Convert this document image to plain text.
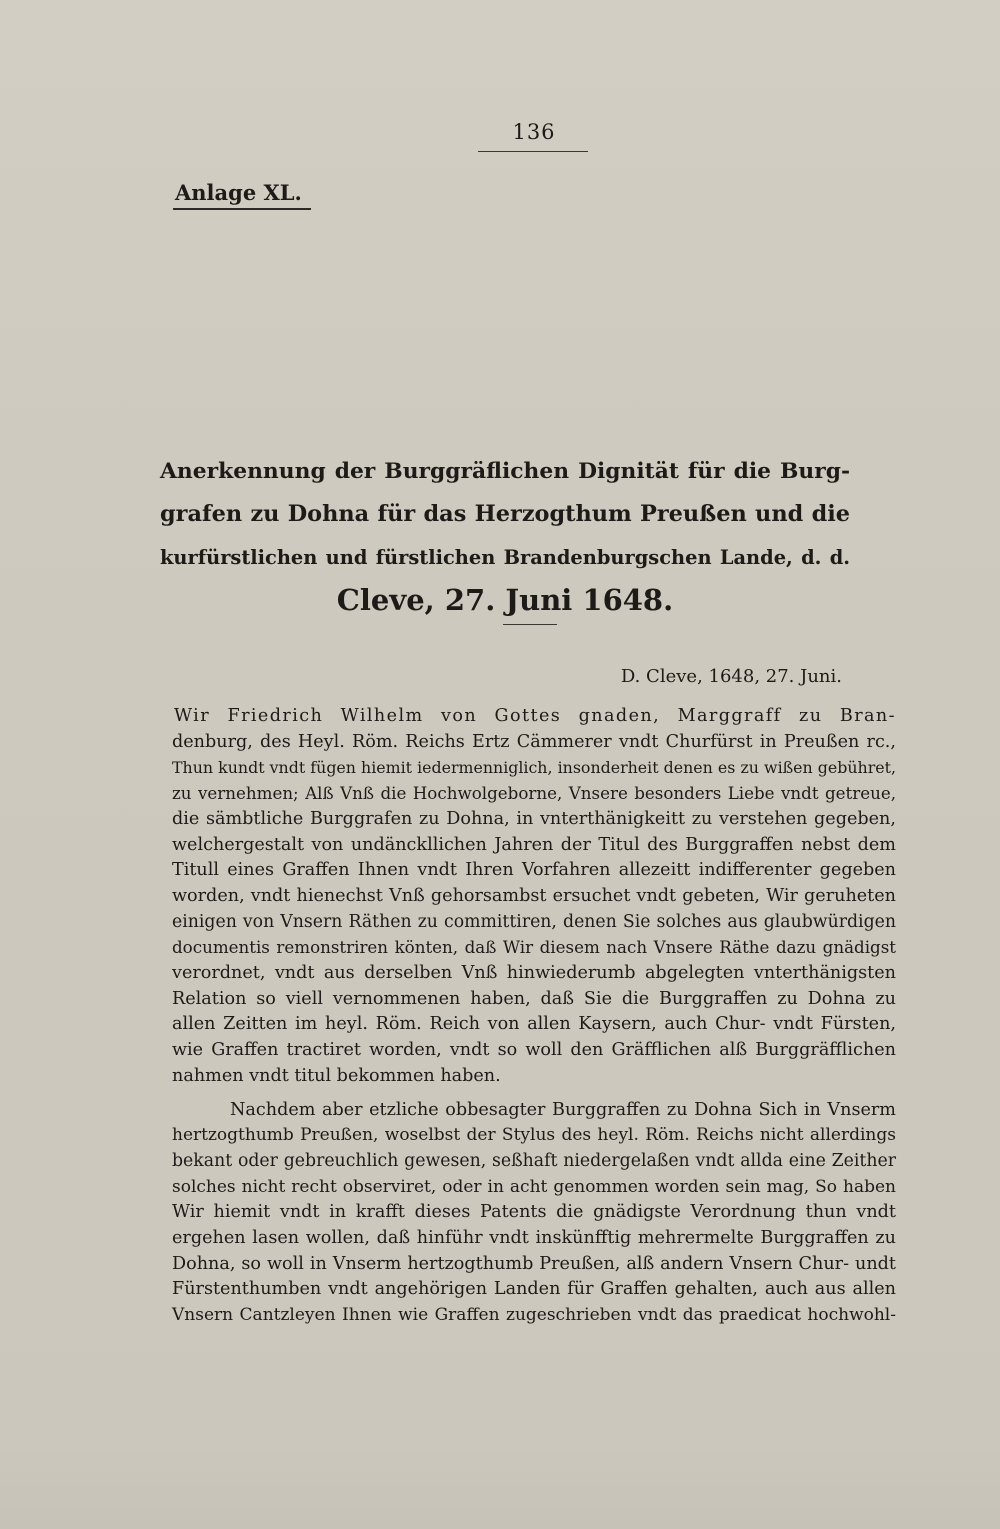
136
Anlage XL.
Anerkennung der Burggräflichen Dignität für die Burg-
grafen zu Dohna für das Herzogthum Preußen und die
kurfürstlichen und fürstlichen Brandenburgschen Lande, d. d.
Cleve, 27. Juni 1648.
D. Cleve, 1648, 27. Juni.
Wir Friedrich Wilhelm von Gottes gnaden, Marggraff zu Bran-
denburg, des Heyl. Röm. Reichs Ertz Cämmerer vndt Churfürst in Preußen rc.,
Thun kundt vndt fügen hiemit iedermenniglich, insonderheit denen es zu wißen gebühret,
zu vernehmen; Alß Vnß die Hochwolgeborne, Vnsere besonders Liebe vndt getreue,
die sämbtliche Burggrafen zu Dohna, in vnterthänigkeitt zu verstehen gegeben,
welchergestalt von undänckllichen Jahren der Titul des Burggraffen nebst dem
Titull eines Graffen Ihnen vndt Ihren Vorfahren allezeitt indifferenter gegeben
worden, vndt hienechst Vnß gehorsambst ersuchet vndt gebeten, Wir geruheten
einigen von Vnsern Räthen zu committiren, denen Sie solches aus glaubwürdigen
documentis remonstriren könten, daß Wir diesem nach Vnsere Räthe dazu gnädigst
verordnet, vndt aus derselben Vnß hinwiederumb abgelegten vnterthänigsten
Relation so viell vernommenen haben, daß Sie die Burggraffen zu Dohna zu
allen Zeitten im heyl. Röm. Reich von allen Kaysern, auch Chur- vndt Fürsten,
wie Graffen tractiret worden, vndt so woll den Gräfflichen alß Burggräfflichen
nahmen vndt titul bekommen haben.
Nachdem aber etzliche obbesagter Burggraffen zu Dohna Sich in Vnserm
hertzogthumb Preußen, woselbst der Stylus des heyl. Röm. Reichs nicht allerdings
bekant oder gebreuchlich gewesen, seßhaft niedergelaßen vndt allda eine Zeither
solches nicht recht observiret, oder in acht genommen worden sein mag, So haben
Wir hiemit vndt in krafft dieses Patents die gnädigste Verordnung thun vndt
ergehen lasen wollen, daß hinführ vndt inskünfftig mehrermelte Burggraffen zu
Dohna, so woll in Vnserm hertzogthumb Preußen, alß andern Vnsern Chur- undt
Fürstenthumben vndt angehörigen Landen für Graffen gehalten, auch aus allen
Vnsern Cantzleyen Ihnen wie Graffen zugeschrieben vndt das praedicat hochwohl-
